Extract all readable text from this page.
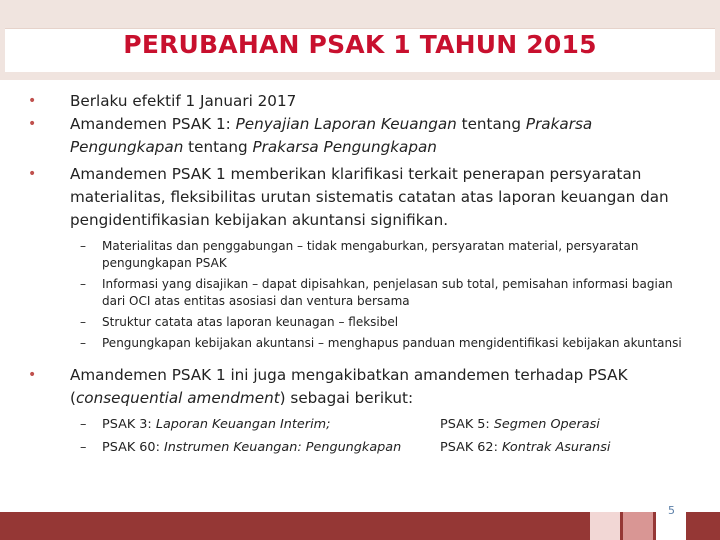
PERUBAHAN PSAK 1 TAHUN 2015
• Berlaku efektif 1 Januari 2017
• Amandemen PSAK 1: Penyajian Laporan Keuangan tentang Prakarsa
Pengungkapan tentang Prakarsa Pengungkapan
• Amandemen PSAK 1 memberikan klarifikasi terkait penerapan persyaratan materialitas, fleksibilitas urutan sistematis catatan atas laporan keuangan dan pengidentifikasian kebijakan akuntansi signifikan.
– Materialitas dan penggabungan – tidak mengaburkan, persyaratan material, persyaratan pengungkapan PSAK
– Informasi yang disajikan – dapat dipisahkan, penjelasan sub total, pemisahan informasi bagian dari OCI atas entitas asosiasi dan ventura bersama
– Struktur catata atas laporan keunagan – fleksibel
– Pengungkapan kebijakan akuntansi – menghapus panduan mengidentifikasi kebijakan akuntansi
• Amandemen PSAK 1 ini juga mengakibatkan amandemen terhadap PSAK (consequential amendment) sebagai berikut:
– PSAK 3: Laporan Keuangan Interim;
– PSAK 60: Instrumen Keuangan: Pengungkapan
PSAK 5: Segmen Operasi
PSAK 62: Kontrak Asuransi
5
